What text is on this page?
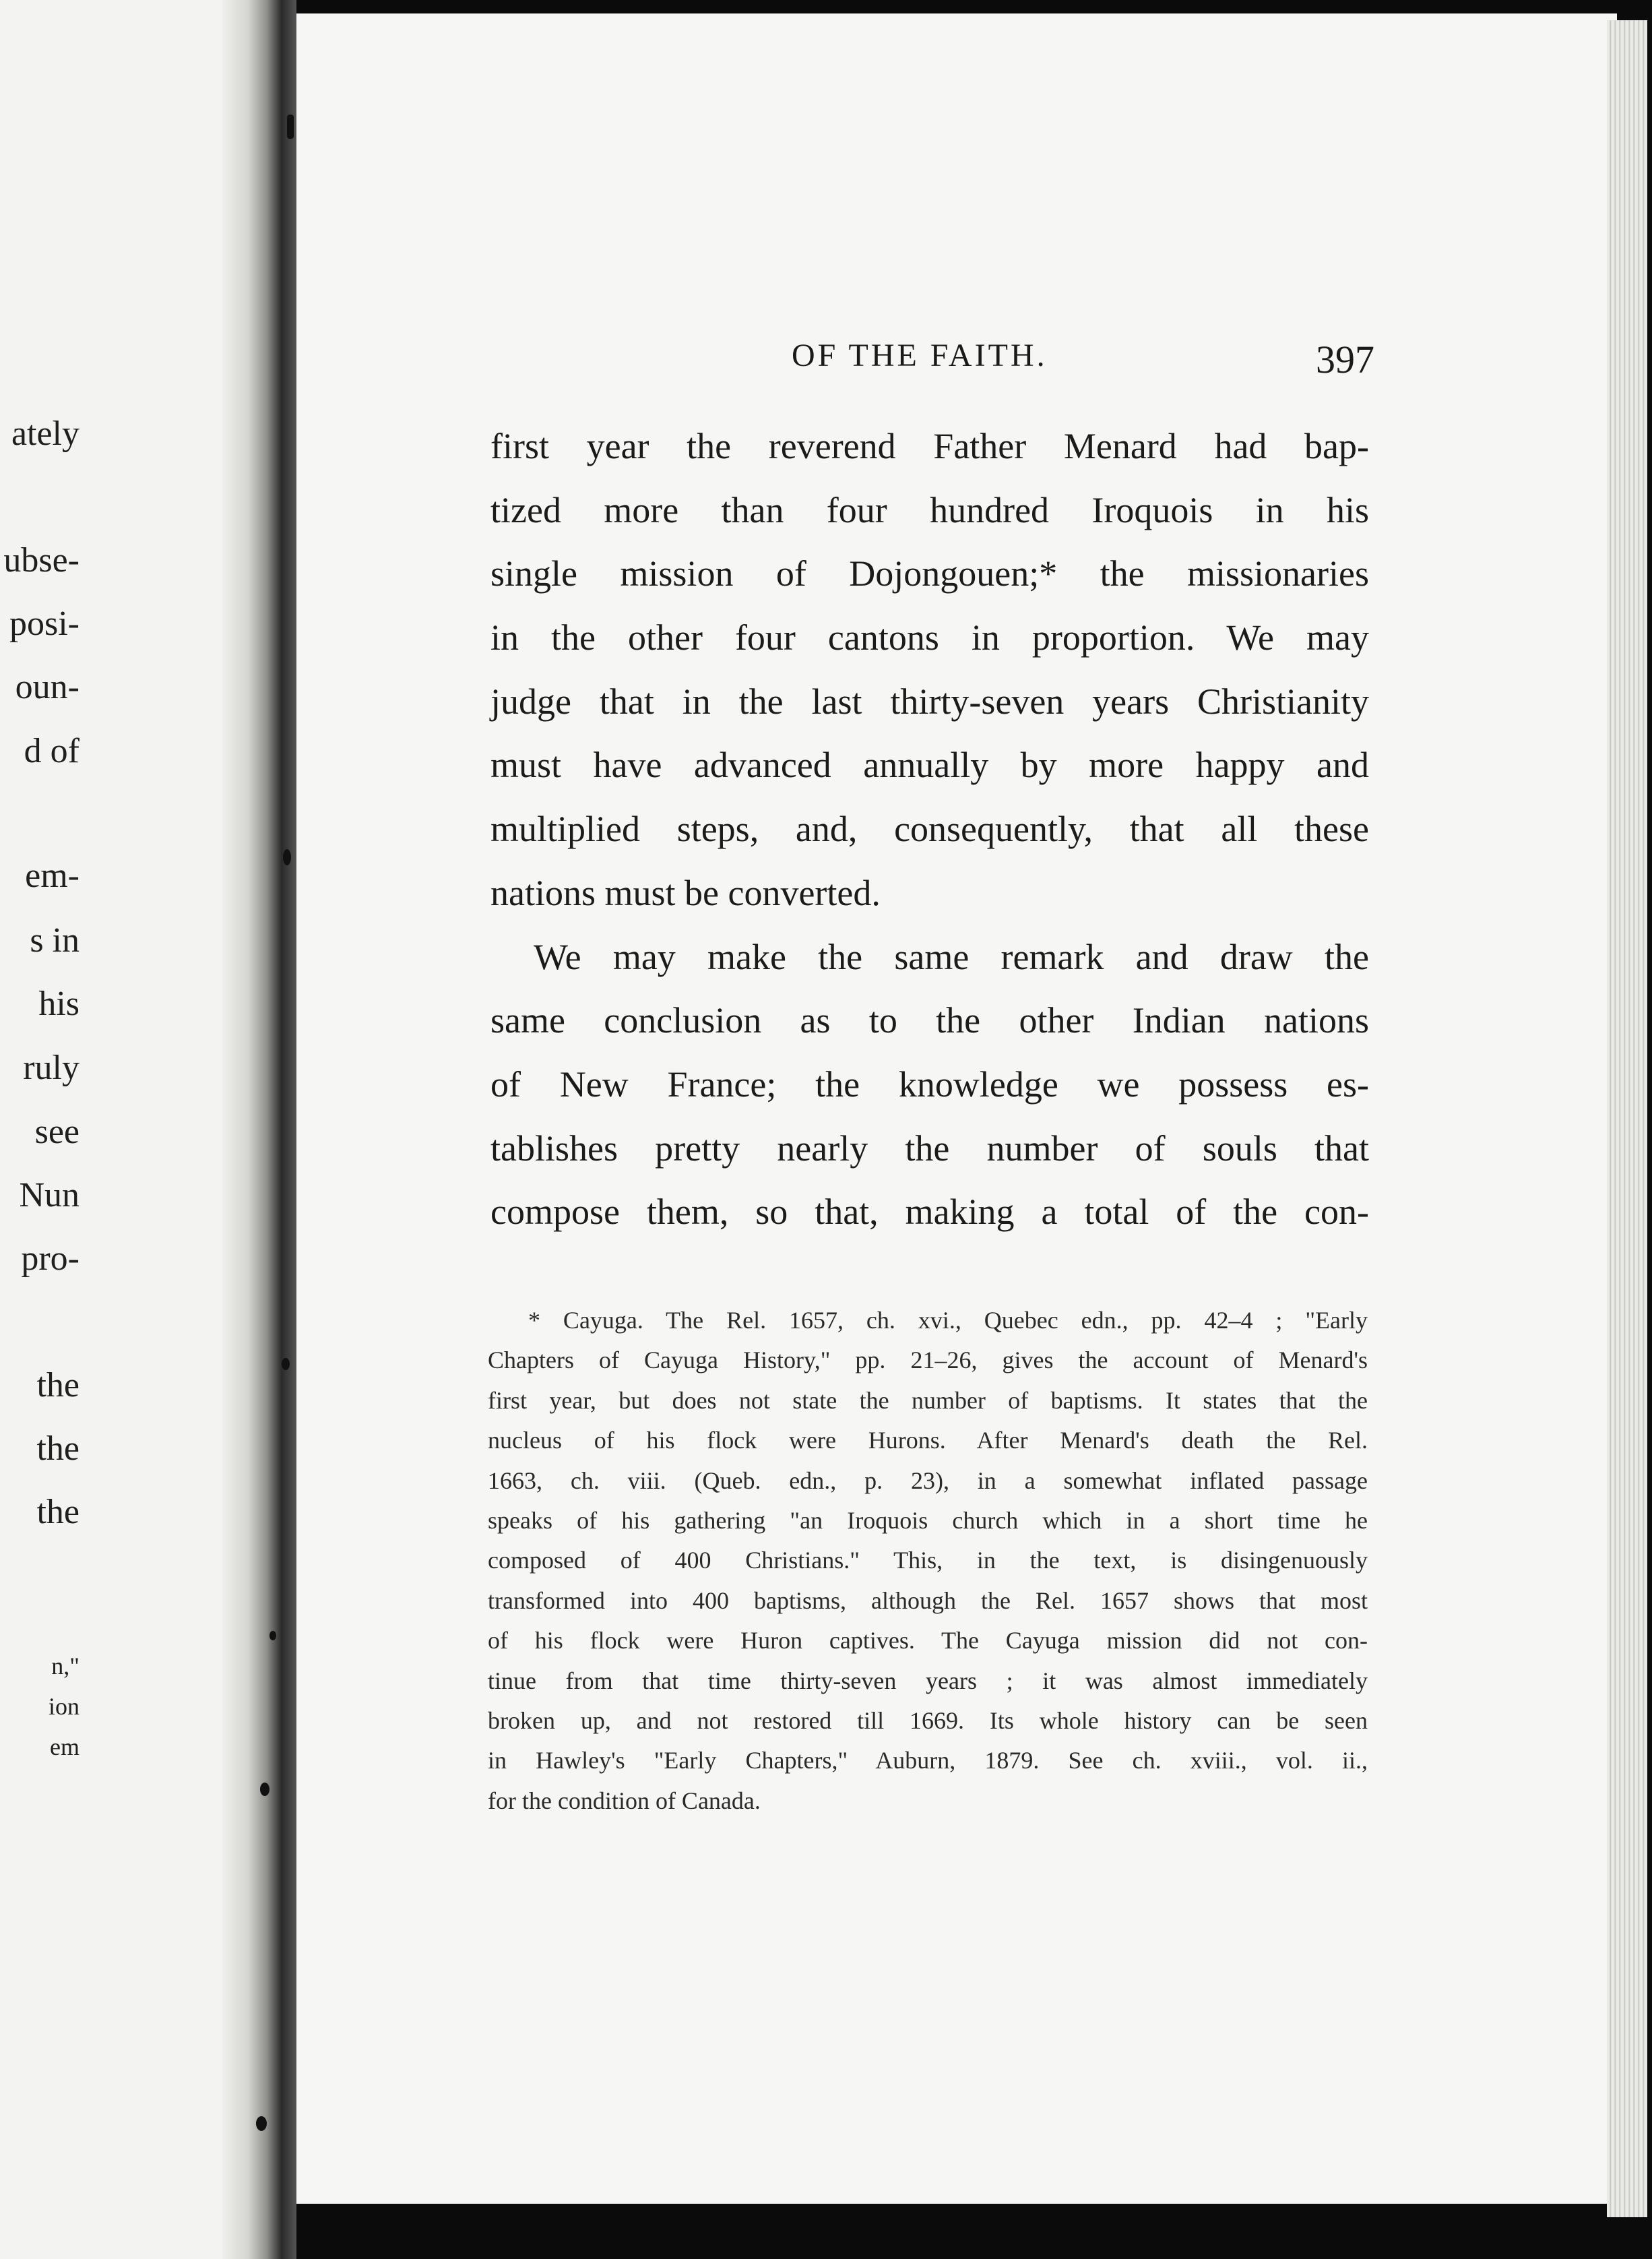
ately
ubse-
posi-
oun-
d of
em-
s in
his
ruly
see
Nun
pro-
the
the
the
n,"
ion
em
OF THE FAITH.	397
first year the reverend Father Menard had bap-
tized more than four hundred Iroquois in his
single mission of Dojongouen;* the missionaries
in the other four cantons in proportion. We may
judge that in the last thirty-seven years Christianity
must have advanced annually by more happy and
multiplied steps, and, consequently, that all these
nations must be converted.
We may make the same remark and draw the
same conclusion as to the other Indian nations
of New France; the knowledge we possess es-
tablishes pretty nearly the number of souls that
compose them, so that, making a total of the con-
* Cayuga. The Rel. 1657, ch. xvi., Quebec edn., pp. 42–4 ; "Early
Chapters of Cayuga History," pp. 21–26, gives the account of Menard's
first year, but does not state the number of baptisms. It states that the
nucleus of his flock were Hurons. After Menard's death the Rel.
1663, ch. viii. (Queb. edn., p. 23), in a somewhat inflated passage
speaks of his gathering "an Iroquois church which in a short time he
composed of 400 Christians." This, in the text, is disingenuously
transformed into 400 baptisms, although the Rel. 1657 shows that most
of his flock were Huron captives. The Cayuga mission did not con-
tinue from that time thirty-seven years ; it was almost immediately
broken up, and not restored till 1669. Its whole history can be seen
in Hawley's "Early Chapters," Auburn, 1879. See ch. xviii., vol. ii.,
for the condition of Canada.
